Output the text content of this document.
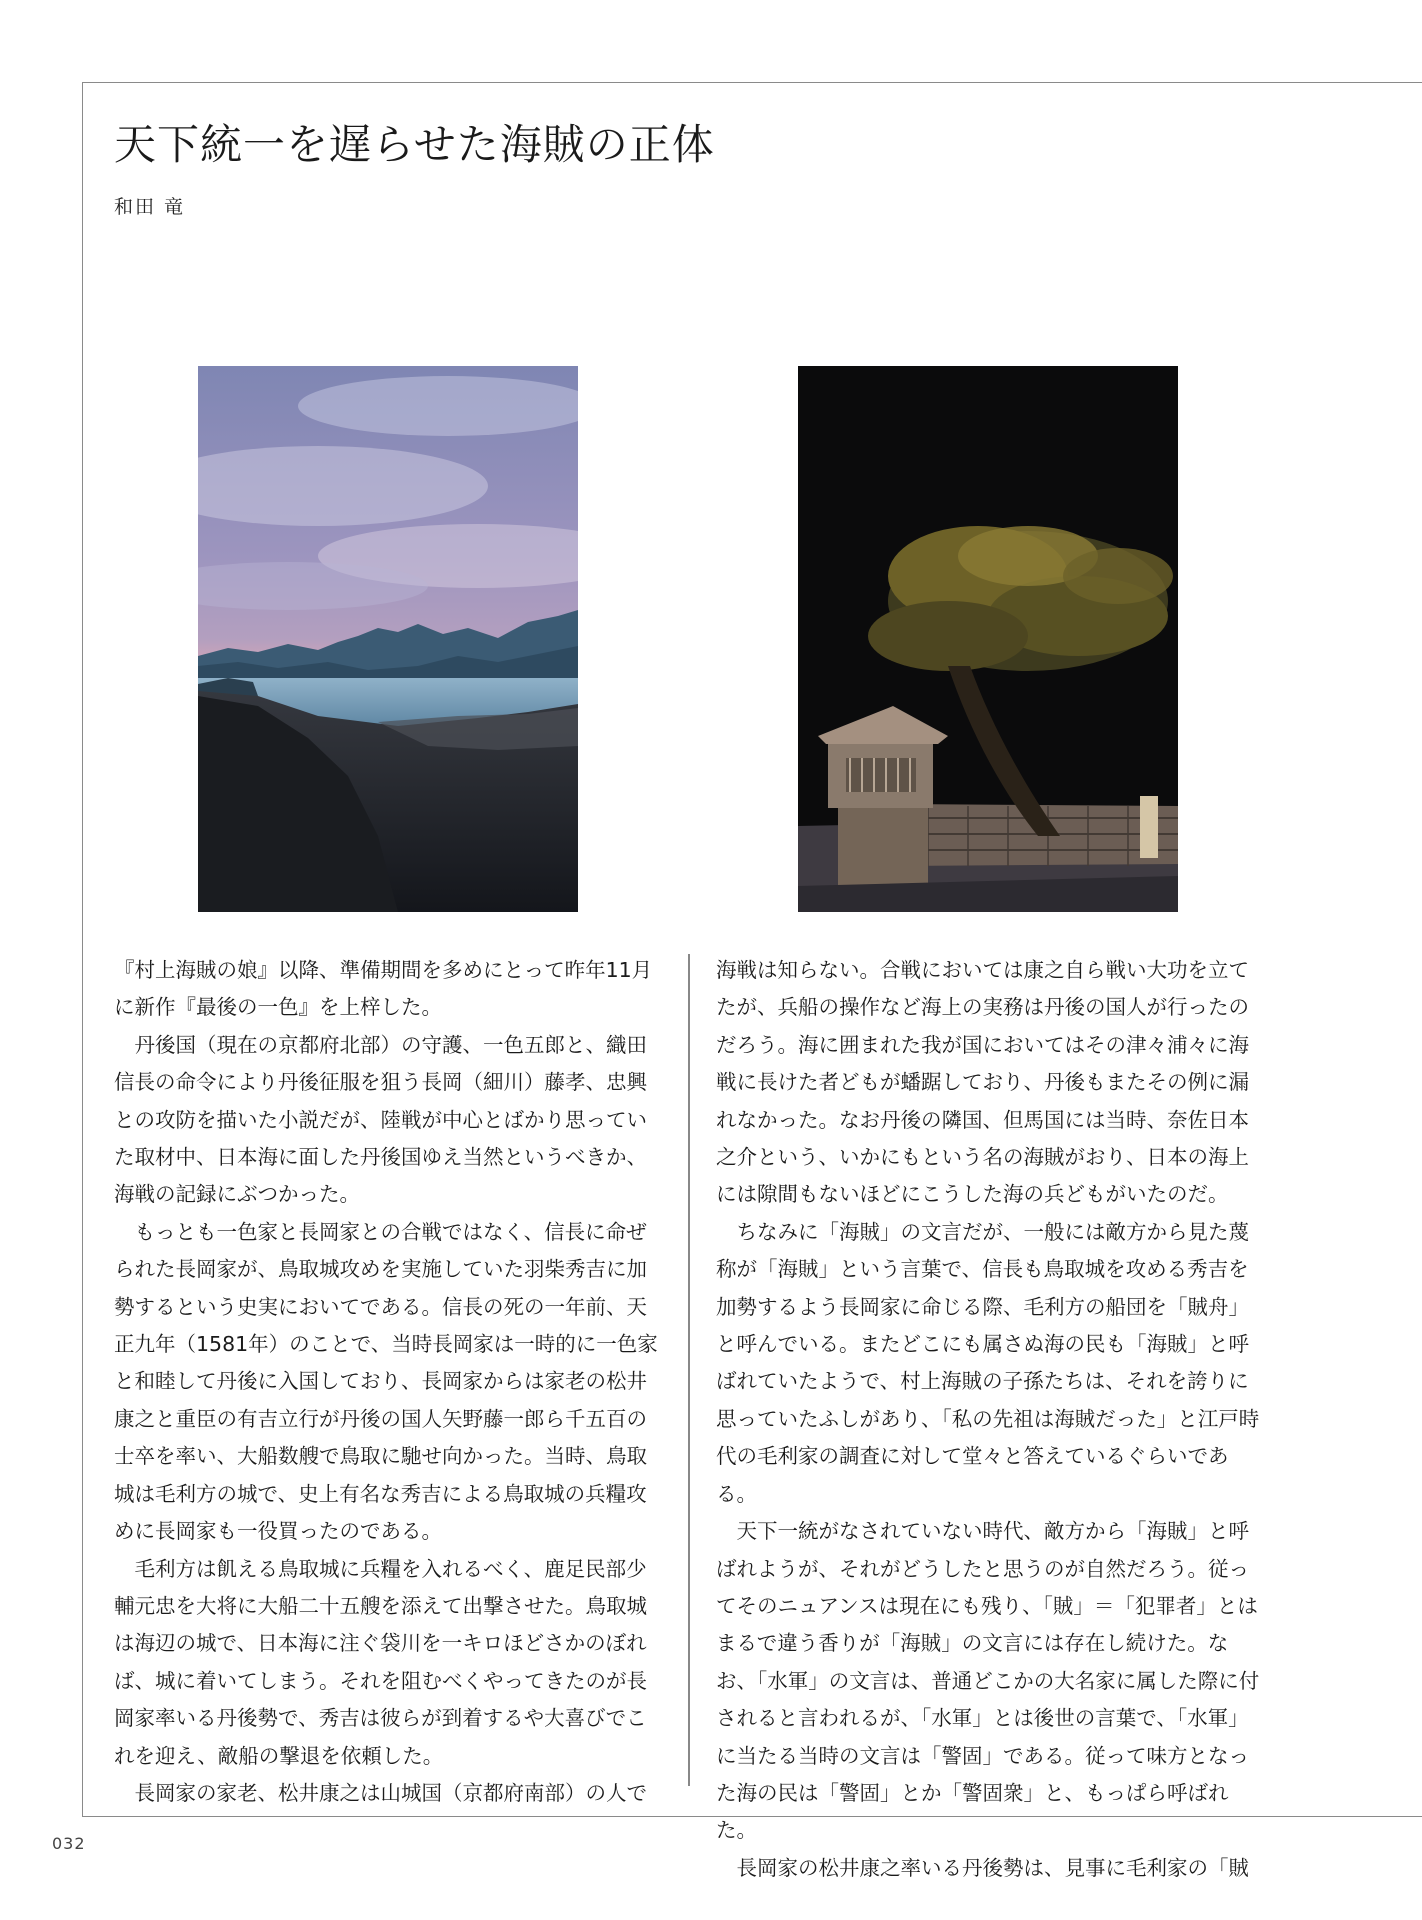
天下統一を遅らせた海賊の正体
和田 竜

『村上海賊の娘』以降、準備期間を多めにとって昨年11月に新作『最後の一色』を上梓した。

丹後国（現在の京都府北部）の守護、一色五郎と、織田信長の命令により丹後征服を狙う長岡（細川）藤孝、忠興との攻防を描いた小説だが、陸戦が中心とばかり思っていた取材中、日本海に面した丹後国ゆえ当然というべきか、海戦の記録にぶつかった。

もっとも一色家と長岡家との合戦ではなく、信長に命ぜられた長岡家が、鳥取城攻めを実施していた羽柴秀吉に加勢するという史実においてである。信長の死の一年前、天正九年（1581年）のことで、当時長岡家は一時的に一色家と和睦して丹後に入国しており、長岡家からは家老の松井康之と重臣の有吉立行が丹後の国人矢野藤一郎ら千五百の士卒を率い、大船数艘で鳥取に馳せ向かった。当時、鳥取城は毛利方の城で、史上有名な秀吉による鳥取城の兵糧攻めに長岡家も一役買ったのである。

毛利方は飢える鳥取城に兵糧を入れるべく、鹿足民部少輔元忠を大将に大船二十五艘を添えて出撃させた。鳥取城は海辺の城で、日本海に注ぐ袋川を一キロほどさかのぼれば、城に着いてしまう。それを阻むべくやってきたのが長岡家率いる丹後勢で、秀吉は彼らが到着するや大喜びでこれを迎え、敵船の撃退を依頼した。

長岡家の家老、松井康之は山城国（京都府南部）の人で

海戦は知らない。合戦においては康之自ら戦い大功を立てたが、兵船の操作など海上の実務は丹後の国人が行ったのだろう。海に囲まれた我が国においてはその津々浦々に海戦に長けた者どもが蟠踞しており、丹後もまたその例に漏れなかった。なお丹後の隣国、但馬国には当時、奈佐日本之介という、いかにもという名の海賊がおり、日本の海上には隙間もないほどにこうした海の兵どもがいたのだ。

ちなみに「海賊」の文言だが、一般には敵方から見た蔑称が「海賊」という言葉で、信長も鳥取城を攻める秀吉を加勢するよう長岡家に命じる際、毛利方の船団を「賊舟」と呼んでいる。またどこにも属さぬ海の民も「海賊」と呼ばれていたようで、村上海賊の子孫たちは、それを誇りに思っていたふしがあり、「私の先祖は海賊だった」と江戸時代の毛利家の調査に対して堂々と答えているぐらいである。

天下一統がなされていない時代、敵方から「海賊」と呼ばれようが、それがどうしたと思うのが自然だろう。従ってそのニュアンスは現在にも残り、「賊」＝「犯罪者」とはまるで違う香りが「海賊」の文言には存在し続けた。なお、「水軍」の文言は、普通どこかの大名家に属した際に付されると言われるが、「水軍」とは後世の言葉で、「水軍」に当たる当時の文言は「警固」である。従って味方となった海の民は「警固」とか「警固衆」と、もっぱら呼ばれた。

長岡家の松井康之率いる丹後勢は、見事に毛利家の「賊

032
